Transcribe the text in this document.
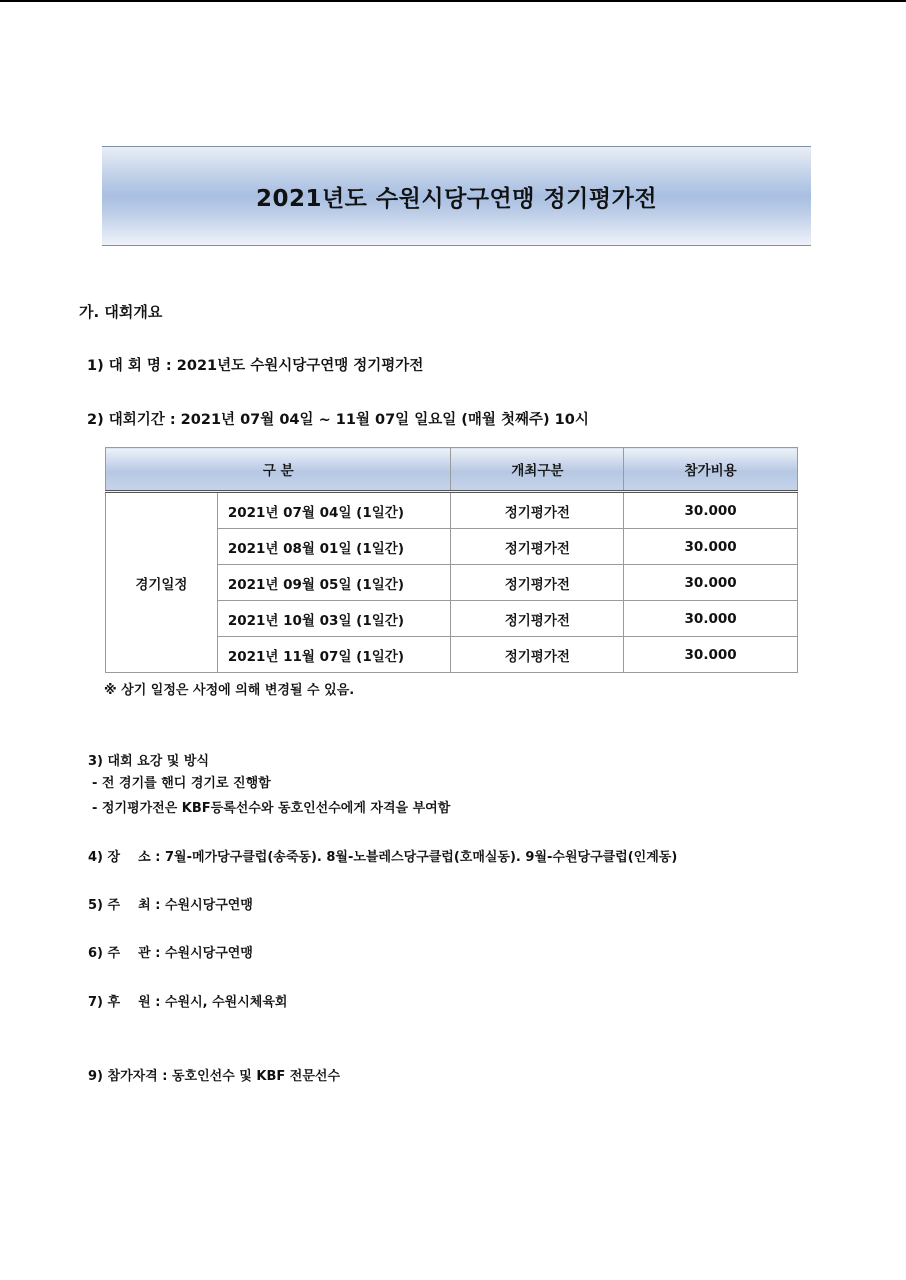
2021년도 수원시당구연맹 정기평가전
가. 대회개요
1) 대 회 명 : 2021년도 수원시당구연맹 정기평가전
2) 대회기간 : 2021년 07월 04일 ~ 11월 07일 일요일 (매월 첫째주) 10시
구 분		개최구분	참가비용
경기일정	2021년 07월 04일 (1일간)	정기평가전	30.000
	2021년 08월 01일 (1일간)	정기평가전	30.000
	2021년 09월 05일 (1일간)	정기평가전	30.000
	2021년 10월 03일 (1일간)	정기평가전	30.000
	2021년 11월 07일 (1일간)	정기평가전	30.000
※ 상기 일정은 사정에 의해 변경될 수 있음.
3) 대회 요강 및 방식
- 전 경기를 핸디 경기로 진행함
- 정기평가전은 KBF등록선수와 동호인선수에게 자격을 부여함
4) 장    소 : 7월-메가당구클럽(송죽동). 8월-노블레스당구클럽(호매실동). 9월-수원당구클럽(인계동)
5) 주    최 : 수원시당구연맹
6) 주    관 : 수원시당구연맹
7) 후    원 : 수원시, 수원시체육회
9) 참가자격 : 동호인선수 및 KBF 전문선수
